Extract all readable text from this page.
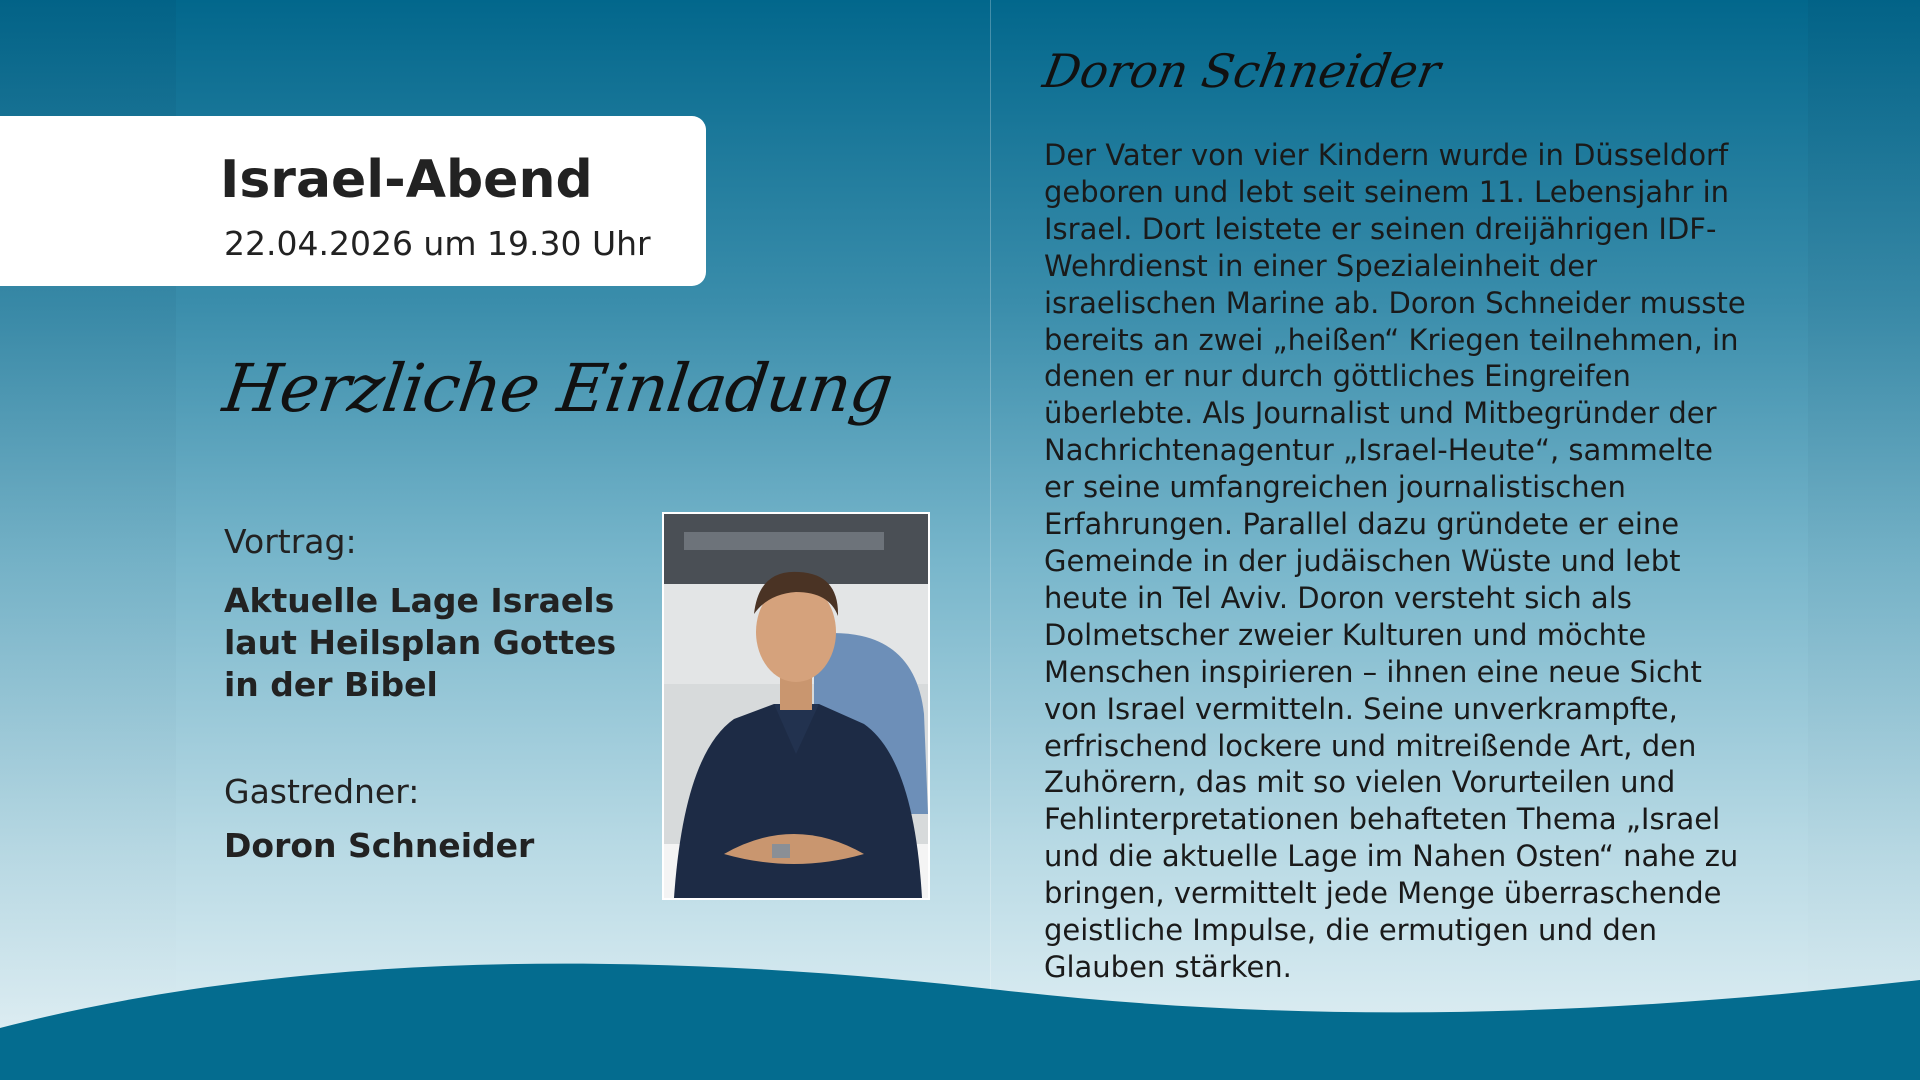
Israel-Abend
22.04.2026 um 19.30 Uhr
Herzliche Einladung
Vortrag:
Aktuelle Lage Israels
laut Heilsplan Gottes
in der Bibel
Gastredner:
Doron Schneider
Doron Schneider
Der Vater von vier Kindern wurde in Düsseldorf
geboren und lebt seit seinem 11. Lebensjahr in
Israel. Dort leistete er seinen dreijährigen IDF-
Wehrdienst in einer Spezialeinheit der
israelischen Marine ab. Doron Schneider musste
bereits an zwei „heißen“ Kriegen teilnehmen, in
denen er nur durch göttliches Eingreifen
überlebte. Als Journalist und Mitbegründer der
Nachrichtenagentur „Israel-Heute“, sammelte
er seine umfangreichen journalistischen
Erfahrungen. Parallel dazu gründete er eine
Gemeinde in der judäischen Wüste und lebt
heute in Tel Aviv. Doron versteht sich als
Dolmetscher zweier Kulturen und möchte
Menschen inspirieren – ihnen eine neue Sicht
von Israel vermitteln. Seine unverkrampfte,
erfrischend lockere und mitreißende Art, den
Zuhörern, das mit so vielen Vorurteilen und
Fehlinterpretationen behafteten Thema „Israel
und die aktuelle Lage im Nahen Osten“ nahe zu
bringen, vermittelt jede Menge überraschende
geistliche Impulse, die ermutigen und den
Glauben stärken.
